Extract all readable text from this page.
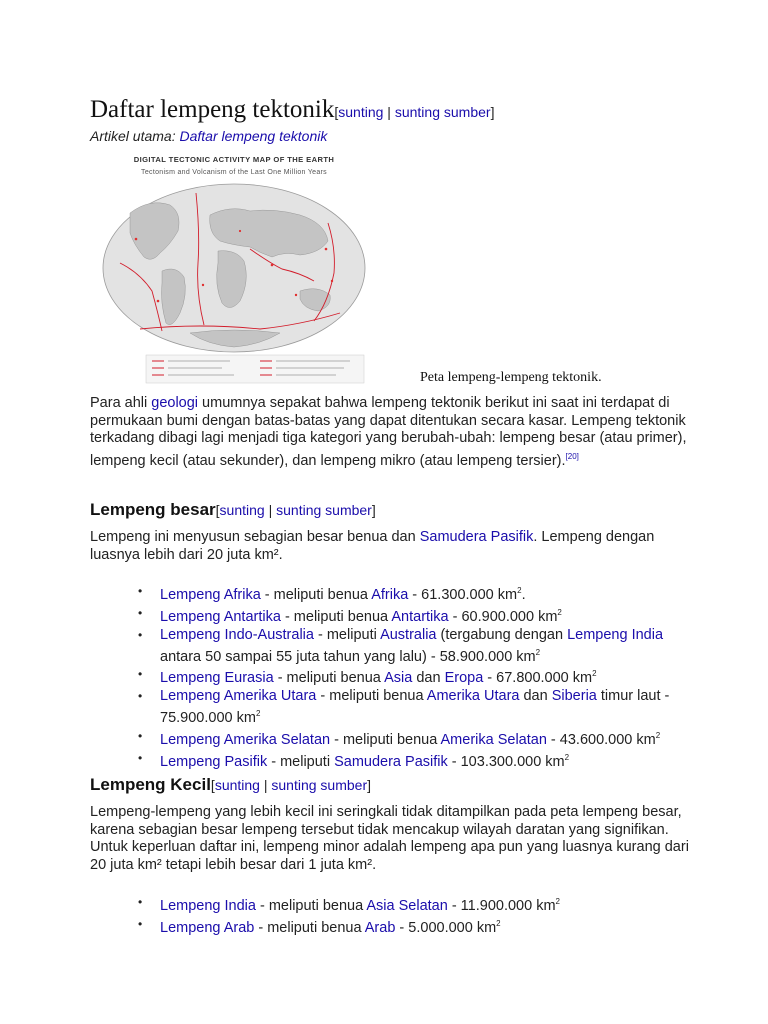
Daftar lempeng tektonik[sunting | sunting sumber]
Artikel utama: Daftar lempeng tektonik
DIGITAL TECTONIC ACTIVITY MAP OF THE EARTH
Tectonism and Volcanism of the Last One Million Years
Peta lempeng-lempeng tektonik.
Para ahli geologi umumnya sepakat bahwa lempeng tektonik berikut ini saat ini terdapat di permukaan bumi dengan batas-batas yang dapat ditentukan secara kasar. Lempeng tektonik terkadang dibagi lagi menjadi tiga kategori yang berubah-ubah: lempeng besar (atau primer), lempeng kecil (atau sekunder), dan lempeng mikro (atau lempeng tersier).[20]
Lempeng besar[sunting | sunting sumber]
Lempeng ini menyusun sebagian besar benua dan Samudera Pasifik. Lempeng dengan luasnya lebih dari 20 juta km².
• Lempeng Afrika - meliputi benua Afrika - 61.300.000 $km^2$.
• Lempeng Antartika - meliputi benua Antartika - 60.900.000 $km^2$
• Lempeng Indo-Australia - meliputi Australia (tergabung dengan Lempeng India antara 50 sampai 55 juta tahun yang lalu) - 58.900.000 $km^2$
• Lempeng Eurasia - meliputi benua Asia dan Eropa - 67.800.000 $km^2$
• Lempeng Amerika Utara - meliputi benua Amerika Utara dan Siberia timur laut - 75.900.000 $km^2$
• Lempeng Amerika Selatan - meliputi benua Amerika Selatan - 43.600.000 $km^2$
• Lempeng Pasifik - meliputi Samudera Pasifik - 103.300.000 $km^2$
Lempeng Kecil[sunting | sunting sumber]
Lempeng-lempeng yang lebih kecil ini seringkali tidak ditampilkan pada peta lempeng besar, karena sebagian besar lempeng tersebut tidak mencakup wilayah daratan yang signifikan. Untuk keperluan daftar ini, lempeng minor adalah lempeng apa pun yang luasnya kurang dari 20 juta km² tetapi lebih besar dari 1 juta km².
• Lempeng India - meliputi benua Asia Selatan - 11.900.000 $km^2$
• Lempeng Arab - meliputi benua Arab - 5.000.000 $km^2$
